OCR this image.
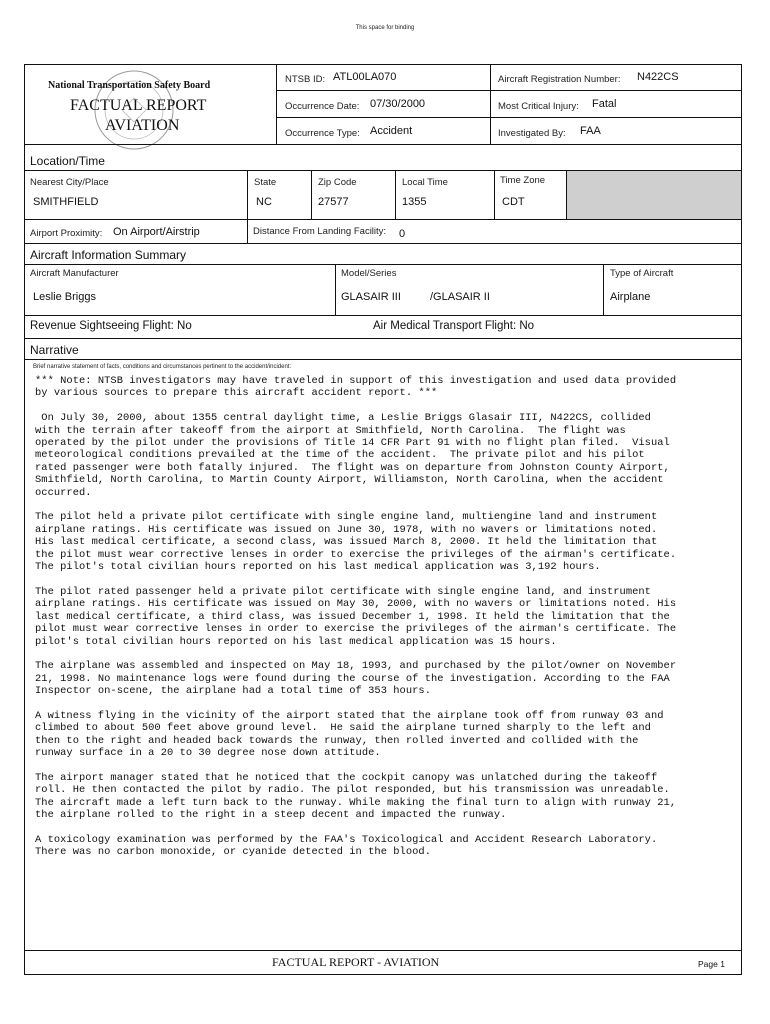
This space for binding
National Transportation Safety Board
FACTUAL REPORT
AVIATION
NTSB ID: ATL00LA070	Aircraft Registration Number: N422CS
Occurrence Date: 07/30/2000	Most Critical Injury: Fatal
Occurrence Type: Accident	Investigated By: FAA
Location/Time
Nearest City/Place
SMITHFIELD
State
NC
Zip Code
27577
Local Time
1355
Time Zone
CDT
Airport Proximity: On Airport/Airstrip	Distance From Landing Facility: 0
Aircraft Information Summary
Aircraft Manufacturer
Leslie Briggs
Model/Series
GLASAIR III	/GLASAIR II
Type of Aircraft
Airplane
Revenue Sightseeing Flight: No	Air Medical Transport Flight: No
Narrative
Brief narrative statement of facts, conditions and circumstances pertinent to the accident/incident:
*** Note: NTSB investigators may have traveled in support of this investigation and used data provided
by various sources to prepare this aircraft accident report. ***

On July 30, 2000, about 1355 central daylight time, a Leslie Briggs Glasair III, N422CS, collided
with the terrain after takeoff from the airport at Smithfield, North Carolina.  The flight was
operated by the pilot under the provisions of Title 14 CFR Part 91 with no flight plan filed.  Visual
meteorological conditions prevailed at the time of the accident.  The private pilot and his pilot
rated passenger were both fatally injured.  The flight was on departure from Johnston County Airport,
Smithfield, North Carolina, to Martin County Airport, Williamston, North Carolina, when the accident
occurred.

The pilot held a private pilot certificate with single engine land, multiengine land and instrument
airplane ratings. His certificate was issued on June 30, 1978, with no wavers or limitations noted.
His last medical certificate, a second class, was issued March 8, 2000. It held the limitation that
the pilot must wear corrective lenses in order to exercise the privileges of the airman's certificate.
The pilot's total civilian hours reported on his last medical application was 3,192 hours.

The pilot rated passenger held a private pilot certificate with single engine land, and instrument
airplane ratings. His certificate was issued on May 30, 2000, with no wavers or limitations noted. His
last medical certificate, a third class, was issued December 1, 1998. It held the limitation that the
pilot must wear corrective lenses in order to exercise the privileges of the airman's certificate. The
pilot's total civilian hours reported on his last medical application was 15 hours.

The airplane was assembled and inspected on May 18, 1993, and purchased by the pilot/owner on November
21, 1998. No maintenance logs were found during the course of the investigation. According to the FAA
Inspector on-scene, the airplane had a total time of 353 hours.

A witness flying in the vicinity of the airport stated that the airplane took off from runway 03 and
climbed to about 500 feet above ground level.  He said the airplane turned sharply to the left and
then to the right and headed back towards the runway, then rolled inverted and collided with the
runway surface in a 20 to 30 degree nose down attitude.

The airport manager stated that he noticed that the cockpit canopy was unlatched during the takeoff
roll. He then contacted the pilot by radio. The pilot responded, but his transmission was unreadable.
The aircraft made a left turn back to the runway. While making the final turn to align with runway 21,
the airplane rolled to the right in a steep decent and impacted the runway.

A toxicology examination was performed by the FAA's Toxicological and Accident Research Laboratory.
There was no carbon monoxide, or cyanide detected in the blood.
FACTUAL REPORT - AVIATION	Page 1
